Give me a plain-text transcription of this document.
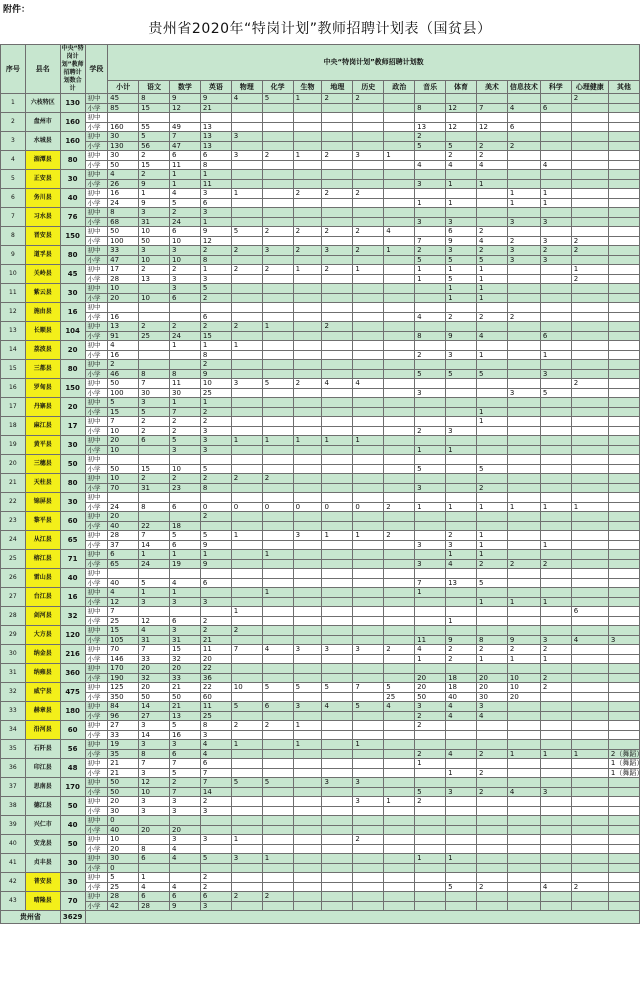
附件：
贵州省2020年“特岗计划”教师招聘计划表（国贫县）
序号	县名	中央“特岗计划”教师招聘计划数合计	学段	中央“特岗计划”教师招聘计划数																
				小计	语文	数学	英语	物理	化学	生物	地理	历史	政治	音乐	体育	美术	信息技术	科学	心理健康	其他
1	六枝特区	130	初中	45	8	9	9	4	5	1	2	2							2	
			小学	85	15	12	21							8	12	7	4	6		
2	盘州市	160	初中																	
			小学	160	55	49	13							13	12	12	6			
3	水城县	160	初中	30	5	7	13	3						2						
			小学	130	56	47	13							5	5	2	2			
4	湄潭县	80	初中	30	2	6	6	3	2	1	2	3	1		2	2				
			小学	50	15	11	8							4	4	4		4		
5	正安县	30	初中	4	2	1	1													
			小学	26	9	1	11							3	1	1				
6	务川县	40	初中	16	1	4	3	1		2	2	2					1	1		
			小学	24	9	5	6							1	1		1	1		
7	习水县	76	初中	8	3	2	3													
			小学	68	31	24	1							3	3		3	3		
8	晋安县	150	初中	50	10	6	9	5	2	2	2	2	4		6	2				
			小学	100	50	10	12							7	9	4	2	3	2	
9	道孚县	80	初中	33	3	3	2	2	3	2	3	2	1	2	3	2	3	2	2	
			小学	47	10	10	8							5	5	5	3	3		
10	关岭县	45	初中	17	2	2	1	2	2	1	2	1		1	1	1			1	
			小学	28	13	3	3							1	5	1			2	
11	紫云县	30	初中	10		3	5								1	1				
			小学	20	10	6	2								1	1				
12	施由县	16	初中																	
			小学	16			6							4	2	2	2			
13	长顺县	104	初中	13	2	2	2	2	1		2									
			小学	91	25	24	15							8	9	4		6		
14	荔波县	20	初中	4		1	1	1												
			小学	16			8							2	3	1		1		
15	三都县	80	初中	2			2													
			小学	46	8	8	9							5	5	5		3		
16	罗甸县	150	初中	50	7	11	10	3	5	2	4	4							2	
			小学	100	30	30	25							3			3	5		
17	丹寨县	20	初中	5	3	1	1													
			小学	15	5	7	2									1				
18	麻江县	17	初中	7	2	2	2									1				
			小学	10	2	2	3							2	3					
19	黄平县	30	初中	20	6	5	3	1	1	1	1	1								
			小学	10		3	3							1	1					
20	三穗县	50	初中																	
			小学	50	15	10	5							5		5				
21	天柱县	80	初中	10	2	2	2	2	2											
			小学	70	31	23	8							3		2				
22	锦屏县	30	初中																	
			小学	24	8	6	0	0	0	0	0	0	2	1	1	1	1	1	1	
23	黎平县	60	初中	20			2													
			小学	40	22	18														
24	从江县	65	初中	28	7	5	5	1		3	1	1	2		2	1				
			小学	37	14	6	9							3	3	1		1		
25	榕江县	71	初中	6	1	1	1		1						1	1				
			小学	65	24	19	9							3	4	2	2	2		
26	雷山县	40	初中																	
			小学	40	5	4	6							7	13	5				
27	台江县	16	初中	4	1	1			1					1						
			小学	12	3	3	3									1	1	1		
28	剑河县	32	初中	7				1											6	
			小学	25	12	6	2								1					
29	大方县	120	初中	15	4	3	2	2												
			小学	105	31	31	21							11	9	8	9	3	4	3
30	纳金县	216	初中	70	7	15	11	7	4	3	3	3	2	4	2	2	2	2		
			小学	146	33	32	20							1	2	1	1	1		
31	纳雍县	360	初中	170	20	20	22													
			小学	190	32	33	36							20	18	20	10	2		
32	威宁县	475	初中	125	20	21	22	10	5	5	5	7	5	20	18	20	10	2		
			小学	350	50	50	60						25	50	40	30	20			
33	赫章县	180	初中	84	14	21	11	5	6	3	4	5	4	3	4	3				
			小学	96	27	13	25							2	4	4				
34	沿河县	60	初中	27	3	5	8	2	2	1				2						
			小学	33	14	16	3													
35	石阡县	56	初中	19	3	3	4	1		1		1								
			小学	35	8	6	4							2	4	2	1	1	1	2（舞蹈）
36	印江县	48	初中	21	7	7	6							1						1（舞蹈）
			小学	21	3	5	7								1	2				1（舞蹈）
37	思南县	170	初中	50	12	2	7	5	5		3	3								
			小学	50	10	7	14							5	3	2	4	3		
38	德江县	50	初中	20	3	3	2					3	1	2						
			小学	30	3	3	3													
39	兴仁市	40	初中	0																
			小学	40	20	20														
40	安龙县	50	初中	10		3	3	1				2								
			小学	20	8	4														
41	贞丰县	30	初中	30	6	4	5	3	1					1	1					
			小学	0																
42	普安县	30	初中	5	1		2													
			小学	25	4	4	2								5	2		4	2	
43	晴隆县	70	初中	28	6	6	6	2	2											
			小学	42	28	9	3													
贵州省		3629																		
